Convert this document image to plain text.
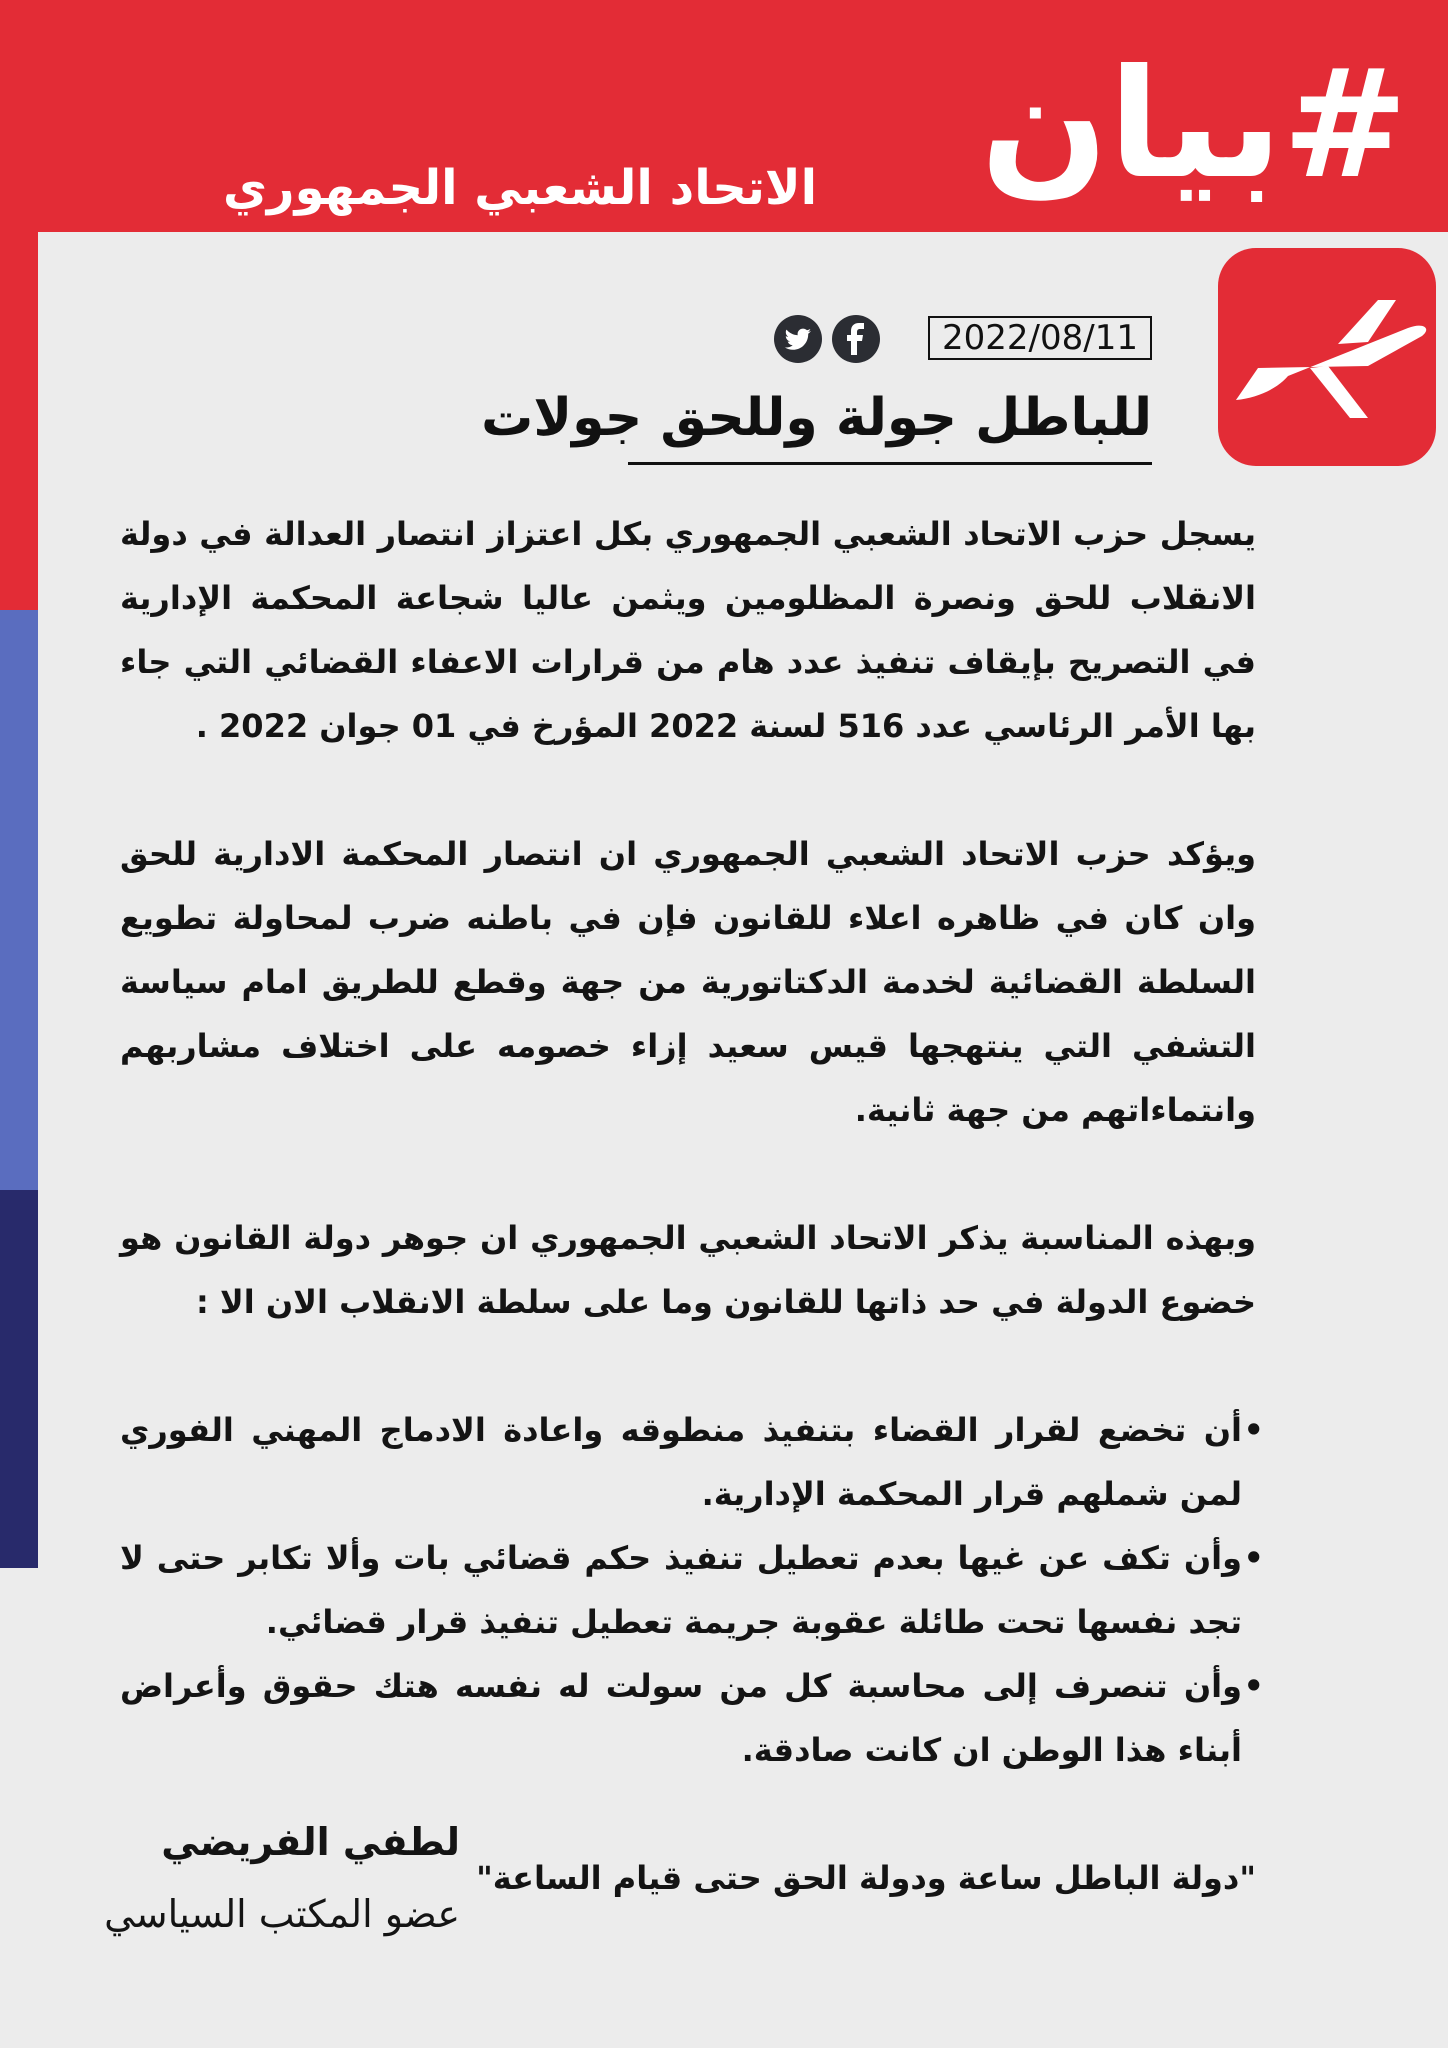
#بيان
الاتحاد الشعبي الجمهوري
2022/08/11
للباطل جولة وللحق جولات

يسجل حزب الاتحاد الشعبي الجمهوري بكل اعتزاز انتصار العدالة في دولة الانقلاب للحق ونصرة المظلومين ويثمن عاليا شجاعة المحكمة الإدارية في التصريح بإيقاف تنفيذ عدد هام من قرارات الاعفاء القضائي التي جاء بها الأمر الرئاسي عدد 516 لسنة 2022 المؤرخ في 01 جوان 2022 .

ويؤكد حزب الاتحاد الشعبي الجمهوري ان انتصار المحكمة الادارية للحق وان كان في ظاهره اعلاء للقانون فإن في باطنه ضرب لمحاولة تطويع السلطة القضائية لخدمة الدكتاتورية من جهة وقطع للطريق امام سياسة التشفي التي ينتهجها قيس سعيد إزاء خصومه على اختلاف مشاربهم وانتماءاتهم من جهة ثانية.

وبهذه المناسبة يذكر الاتحاد الشعبي الجمهوري ان جوهر دولة القانون هو خضوع الدولة في حد ذاتها للقانون وما على سلطة الانقلاب الان الا :

•
أن تخضع لقرار القضاء بتنفيذ منطوقه واعادة الادماج المهني الفوري لمن شملهم قرار المحكمة الإدارية.
•
وأن تكف عن غيها بعدم تعطيل تنفيذ حكم قضائي بات وألا تكابر حتى لا تجد نفسها تحت طائلة عقوبة جريمة تعطيل تنفيذ قرار قضائي.
•
وأن تنصرف إلى محاسبة كل من سولت له نفسه هتك حقوق وأعراض أبناء هذا الوطن ان كانت صادقة.
"دولة الباطل ساعة ودولة الحق حتى قيام الساعة"
لطفي الفريضي
عضو المكتب السياسي
